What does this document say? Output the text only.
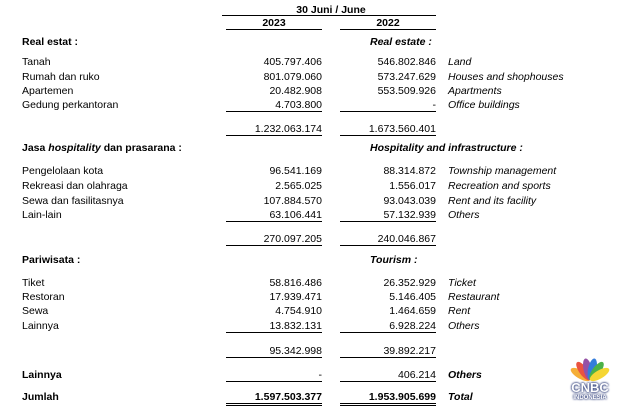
30 Juni / June
2023	2022
Real estat :	Real estate :
Tanah	405.797.406	546.802.846 Land
Rumah dan ruko	801.079.060	573.247.629 Houses and shophouses
Apartemen	20.482.908	553.509.926 Apartments
Gedung perkantoran	4.703.800	- Office buildings
1.232.063.174	1.673.560.401
Jasa hospitality dan prasarana :	Hospitality and infrastructure :
Pengelolaan kota	96.541.169	88.314.872 Township management
Rekreasi dan olahraga	2.565.025	1.556.017 Recreation and sports
Sewa dan fasilitasnya	107.884.570	93.043.039 Rent and its facility
Lain-lain	63.106.441	57.132.939 Others
270.097.205	240.046.867
Pariwisata :	Tourism :
Tiket	58.816.486	26.352.929 Ticket
Restoran	17.939.471	5.146.405 Restaurant
Sewa	4.754.910	1.464.659 Rent
Lainnya	13.832.131	6.928.224 Others
95.342.998	39.892.217
Lainnya	-	406.214 Others
Jumlah	1.597.503.377	1.953.905.699 Total
CNBC
INDONESIA
